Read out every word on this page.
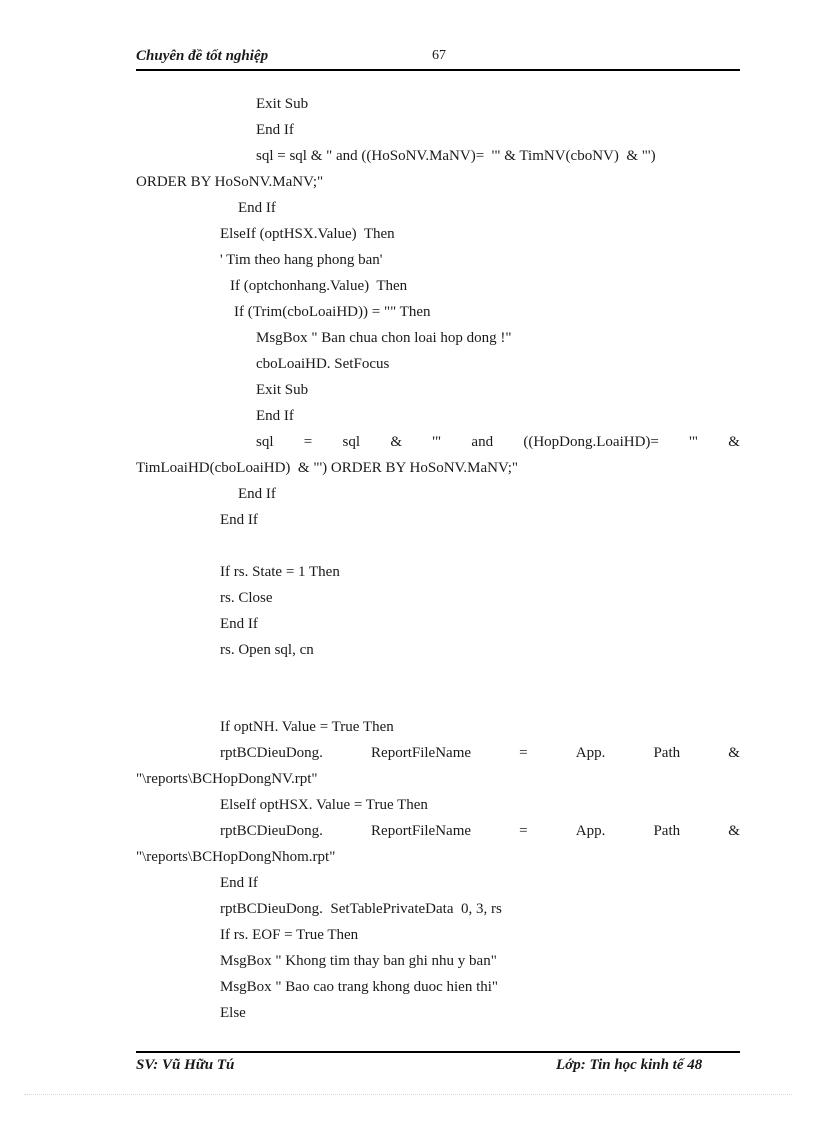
Chuyên đề tốt nghiệp	67
Exit Sub
End If
sql = sql & " and ((HoSoNV.MaNV)=  '" & TimNV(cboNV)  & "')
ORDER BY HoSoNV.MaNV;"
End If
ElseIf (optHSX.Value)  Then
' Tim theo hang phong ban'
If (optchonhang.Value)  Then
If (Trim(cboLoaiHD)) = "" Then
MsgBox " Ban chua chon loai hop dong !"
cboLoaiHD. SetFocus
Exit Sub
End If
sql = sql & '" and ((HopDong.LoaiHD)= '" &
TimLoaiHD(cboLoaiHD)  & "') ORDER BY HoSoNV.MaNV;"
End If
End If
If rs. State = 1 Then
rs. Close
End If
rs. Open sql, cn
If optNH. Value = True Then
rptBCDieuDong.	ReportFileName	=	App.	Path	&
"\reports\BCHopDongNV.rpt"
ElseIf optHSX. Value = True Then
rptBCDieuDong.	ReportFileName	=	App.	Path	&
"\reports\BCHopDongNhom.rpt"
End If
rptBCDieuDong.  SetTablePrivateData  0, 3, rs
If rs. EOF = True Then
MsgBox " Khong tim thay ban ghi nhu y ban"
MsgBox " Bao cao trang khong duoc hien thi"
Else
SV: Vũ Hữu Tú	Lớp: Tin học kinh tế 48
